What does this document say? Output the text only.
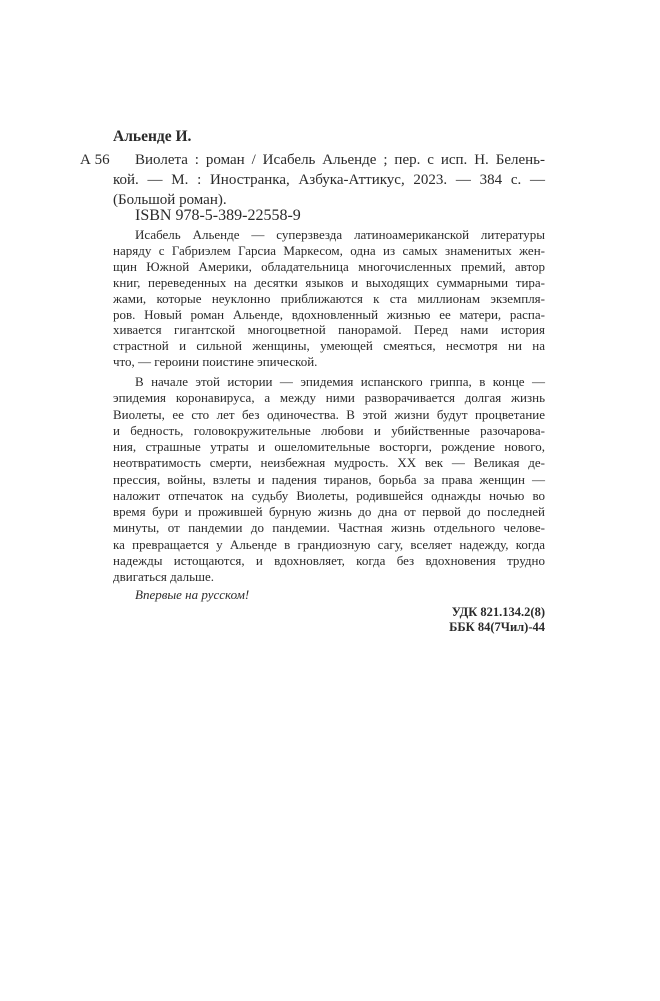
Альенде И.
А 56 Виолета : роман / Исабель Альенде ; пер. с исп. Н. Белень-
кой. — М. : Иностранка, Азбука-Аттикус, 2023. — 384 с. —
(Большой роман).
ISBN 978-5-389-22558-9
Исабель Альенде — суперзвезда латиноамериканской литературы
наряду с Габриэлем Гарсиа Маркесом, одна из самых знаменитых жен-
щин Южной Америки, обладательница многочисленных премий, автор
книг, переведенных на десятки языков и выходящих суммарными тира-
жами, которые неуклонно приближаются к ста миллионам экземпля-
ров. Новый роман Альенде, вдохновленный жизнью ее матери, распа-
хивается гигантской многоцветной панорамой. Перед нами история
страстной и сильной женщины, умеющей смеяться, несмотря ни на
что, — героини поистине эпической.
В начале этой истории — эпидемия испанского гриппа, в конце —
эпидемия коронавируса, а между ними разворачивается долгая жизнь
Виолеты, ее сто лет без одиночества. В этой жизни будут процветание
и бедность, головокружительные любови и убийственные разочарова-
ния, страшные утраты и ошеломительные восторги, рождение нового,
неотвратимость смерти, неизбежная мудрость. XX век — Великая де-
прессия, войны, взлеты и падения тиранов, борьба за права женщин —
наложит отпечаток на судьбу Виолеты, родившейся однажды ночью во
время бури и прожившей бурную жизнь до дна от первой до последней
минуты, от пандемии до пандемии. Частная жизнь отдельного челове-
ка превращается у Альенде в грандиозную сагу, вселяет надежду, когда
надежды истощаются, и вдохновляет, когда без вдохновения трудно
двигаться дальше.
Впервые на русском!
УДК 821.134.2(8)
ББК 84(7Чил)-44
